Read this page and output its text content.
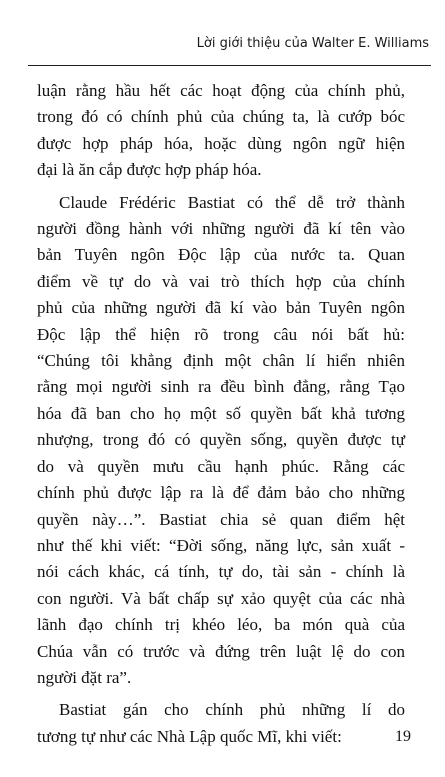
Lời giới thiệu của Walter E. Williams

luận rằng hầu hết các hoạt động của chính phủ,
trong đó có chính phủ của chúng ta, là cướp bóc
được hợp pháp hóa, hoặc dùng ngôn ngữ hiện
đại là ăn cắp được hợp pháp hóa.

Claude Frédéric Bastiat có thể dễ trở thành
người đồng hành với những người đã kí tên vào
bản Tuyên ngôn Độc lập của nước ta. Quan
điểm về tự do và vai trò thích hợp của chính
phủ của những người đã kí vào bản Tuyên ngôn
Độc lập thể hiện rõ trong câu nói bất hủ:
“Chúng tôi khẳng định một chân lí hiển nhiên
rằng mọi người sinh ra đều bình đẳng, rằng Tạo
hóa đã ban cho họ một số quyền bất khả tương
nhượng, trong đó có quyền sống, quyền được tự
do và quyền mưu cầu hạnh phúc. Rằng các
chính phủ được lập ra là để đảm bảo cho những
quyền này…”. Bastiat chia sẻ quan điểm hệt
như thế khi viết: “Đời sống, năng lực, sản xuất -
nói cách khác, cá tính, tự do, tài sản - chính là
con người. Và bất chấp sự xảo quyệt của các nhà
lãnh đạo chính trị khéo léo, ba món quà của
Chúa vẫn có trước và đứng trên luật lệ do con
người đặt ra”.

Bastiat gán cho chính phủ những lí do
tương tự như các Nhà Lập quốc Mĩ, khi viết:	19
